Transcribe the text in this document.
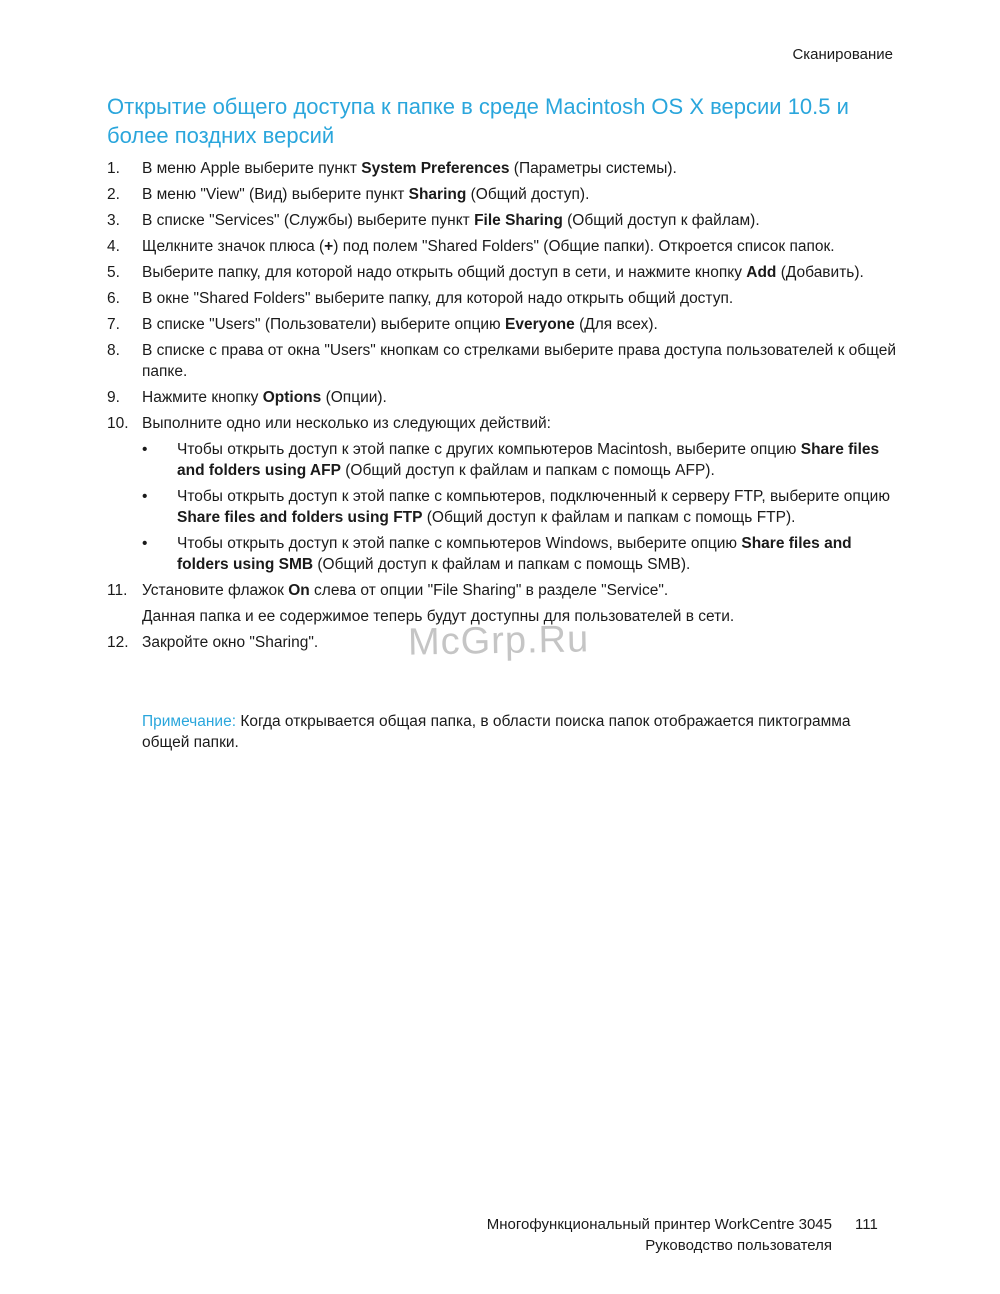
Сканирование
Открытие общего доступа к папке в среде Macintosh OS X версии 10.5 и более поздних версий
1. В меню Apple выберите пункт System Preferences (Параметры системы).
2. В меню "View" (Вид) выберите пункт Sharing (Общий доступ).
3. В списке "Services" (Службы) выберите пункт File Sharing (Общий доступ к файлам).
4. Щелкните значок плюса (+) под полем "Shared Folders" (Общие папки). Откроется список папок.
5. Выберите папку, для которой надо открыть общий доступ в сети, и нажмите кнопку Add (Добавить).
6. В окне "Shared Folders" выберите папку, для которой надо открыть общий доступ.
7. В списке "Users" (Пользователи) выберите опцию Everyone (Для всех).
8. В списке с права от окна "Users" кнопкам со стрелками выберите права доступа пользователей к общей папке.
9. Нажмите кнопку Options (Опции).
10. Выполните одно или несколько из следующих действий:
• Чтобы открыть доступ к этой папке с других компьютеров Macintosh, выберите опцию Share files and folders using AFP (Общий доступ к файлам и папкам с помощь AFP).
• Чтобы открыть доступ к этой папке с компьютеров, подключенный к серверу FTP, выберите опцию Share files and folders using FTP (Общий доступ к файлам и папкам с помощь FTP).
• Чтобы открыть доступ к этой папке с компьютеров Windows, выберите опцию Share files and folders using SMB (Общий доступ к файлам и папкам с помощь SMB).
11. Установите флажок On слева от опции "File Sharing" в разделе "Service".
Данная папка и ее содержимое теперь будут доступны для пользователей в сети.
12. Закройте окно "Sharing".
Примечание: Когда открывается общая папка, в области поиска папок отображается пиктограмма общей папки.
McGrp.Ru
Многофункциональный принтер WorkCentre 3045
Руководство пользователя
111
